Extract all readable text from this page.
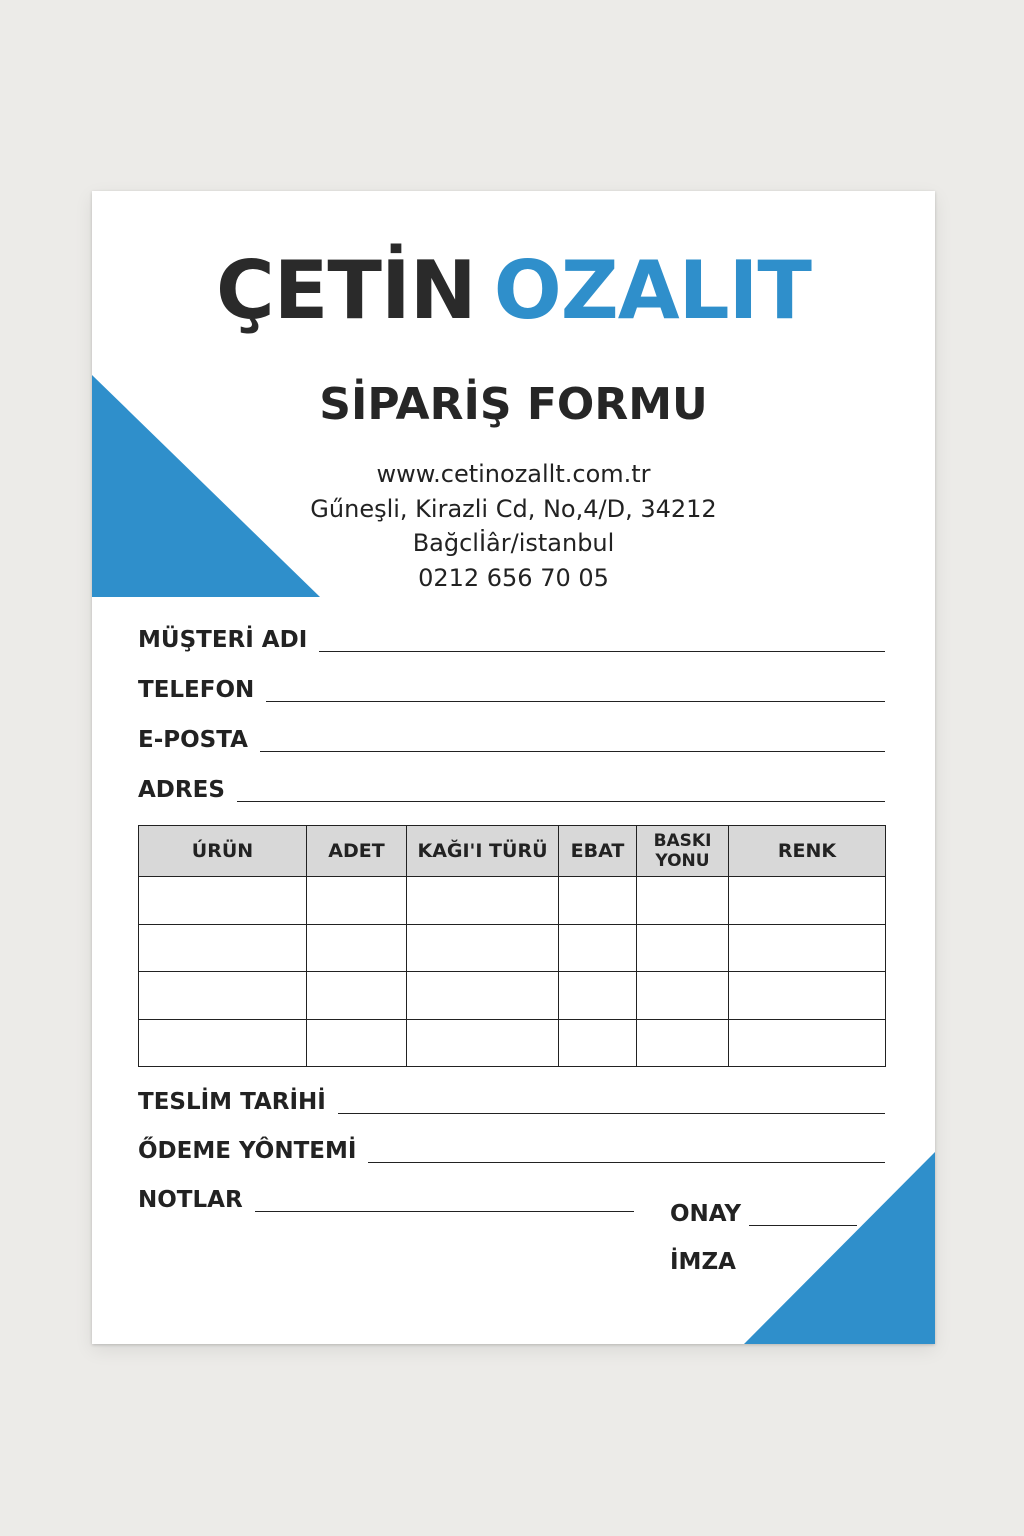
ÇETİN OZALIT
SİPARİŞ FORMU
www.cetinozallt.com.tr
Gűneşli, Kirazli Cd, No,4/D, 34212
Bağclİâr/istanbul
0212 656 70 05
MÜŞTERİ ADI
TELEFON
E-POSTA
ADRES
ÚRÜN	ADET	KAĞI'I TÜRÜ	EBAT	BASKI YONU	RENK

TESLİM TARİHİ
ŐDEME YÔNTEMİ
NOTLAR
ONAY
İMZA
